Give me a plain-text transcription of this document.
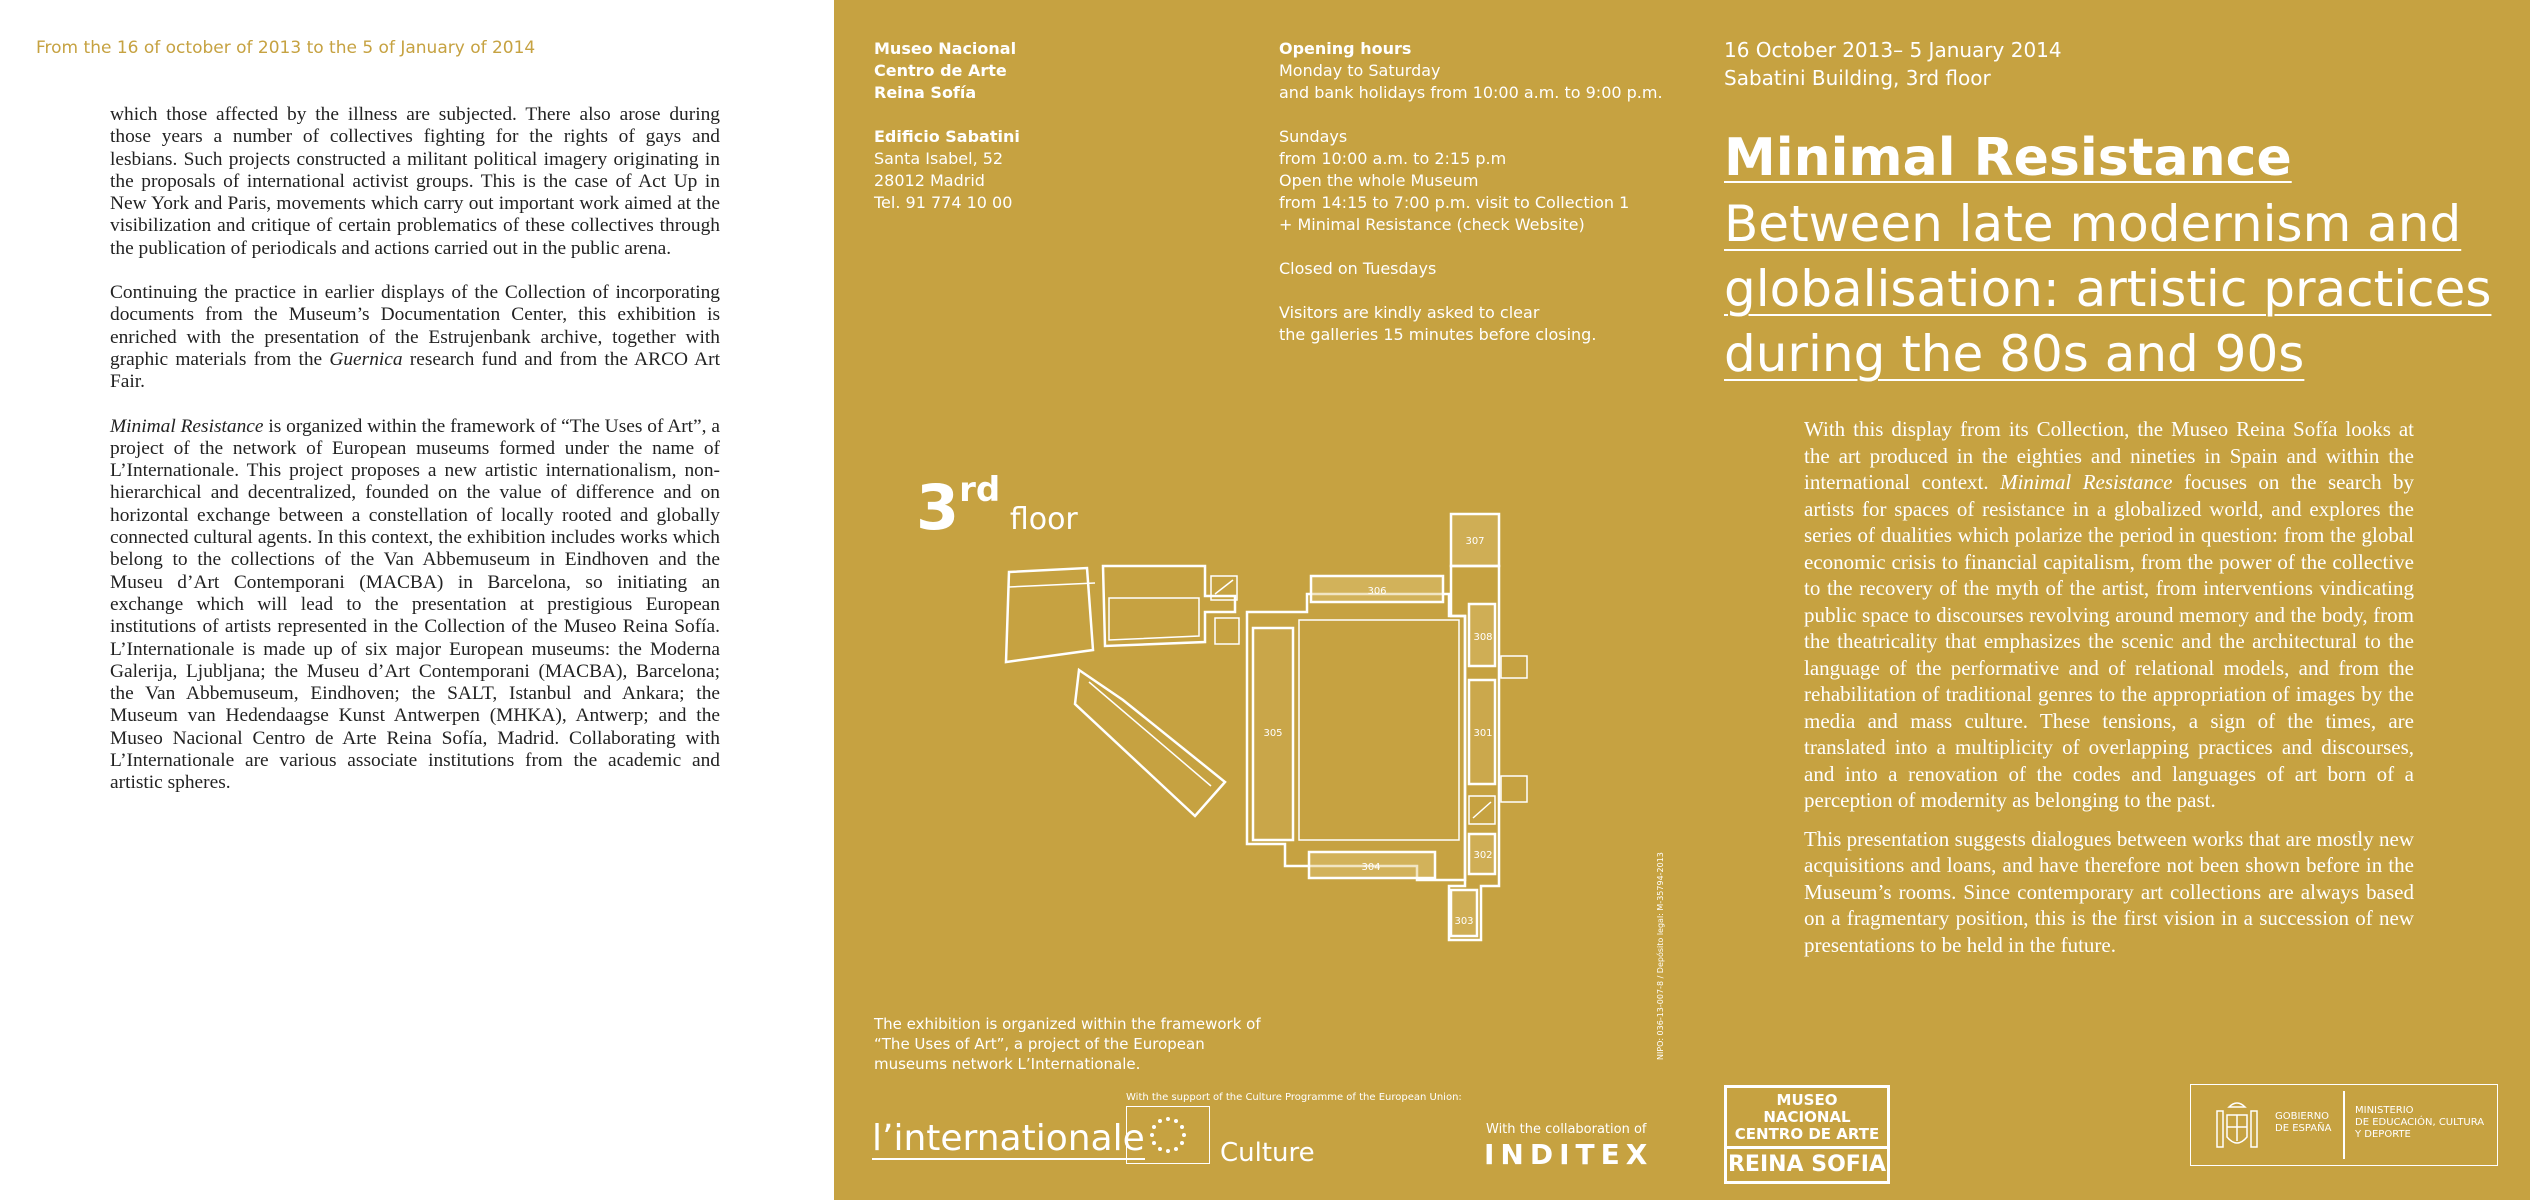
From the 16 of october of 2013 to the 5 of January of 2014

which those affected by the illness are subjected. There also arose during those years a number of collectives fighting for the rights of gays and lesbians. Such projects constructed a militant political imagery originating in the proposals of international activist groups. This is the case of Act Up in New York and Paris, movements which carry out important work aimed at the visibilization and critique of certain problematics of these collectives through the publication of periodicals and actions carried out in the public arena.

Continuing the practice in earlier displays of the Collection of incorporating documents from the Museum’s Documentation Center, this exhibition is enriched with the presentation of the Estrujenbank archive, together with graphic materials from the Guernica research fund and from the ARCO Art Fair.

Minimal Resistance is organized within the framework of “The Uses of Art”, a project of the network of European museums formed under the name of L’Internationale. This project proposes a new artistic internationalism, non-hierarchical and decentralized, founded on the value of difference and on horizontal exchange between a constellation of locally rooted and globally connected cultural agents. In this context, the exhibition includes works which belong to the collections of the Van Abbemuseum in Eindhoven and the Museu d’Art Contemporani (MACBA) in Barcelona, so initiating an exchange which will lead to the presentation at prestigious European institutions of artists represented in the Collection of the Museo Reina Sofía. L’Internationale is made up of six major European museums: the Moderna Galerija, Ljubljana; the Museu d’Art Contemporani (MACBA), Barcelona; the Van Abbemuseum, Eindhoven; the SALT, Istanbul and Ankara; the Museum van Hedendaagse Kunst Antwerpen (MHKA), Antwerp; and the Museo Nacional Centro de Arte Reina Sofía, Madrid. Collaborating with L’Internationale are various associate institutions from the academic and artistic spheres.

Museo Nacional
Centro de Arte
Reina Sofía
Edificio Sabatini
Santa Isabel, 52
28012 Madrid
Tel. 91 774 10 00
Opening hours
Monday to Saturday
and bank holidays from 10:00 a.m. to 9:00 p.m.
Sundays
from 10:00 a.m. to 2:15 p.m
Open the whole Museum
from 14:15 to 7:00 p.m. visit to Collection 1
+ Minimal Resistance (check Website)
Closed on Tuesdays
Visitors are kindly asked to clear
the galleries 15 minutes before closing.
16 October 2013– 5 January 2014
Sabatini Building, 3rd floor
Minimal Resistance
Between late modernism and
globalisation: artistic practices
during the 80s and 90s

With this display from its Collection, the Museo Reina Sofía looks at the art produced in the eighties and nineties in Spain and within the international context. Minimal Resistance focuses on the search by artists for spaces of resistance in a globalized world, and explores the series of dualities which polarize the period in question: from the global economic crisis to financial capitalism, from the power of the collective to the recovery of the myth of the artist, from interventions vindicating public space to discourses revolving around memory and the body, from the theatricality that emphasizes the scenic and the architectural to the language of the performative and of relational models, and from the rehabilitation of traditional genres to the appropriation of images by the media and mass culture. These tensions, a sign of the times, are translated into a multiplicity of overlapping practices and discourses, and into a renovation of the codes and languages of art born of a perception of modernity as belonging to the past.

This presentation suggests dialogues between works that are mostly new acquisitions and loans, and have therefore not been shown before in the Museum’s rooms. Since contemporary art collections are always based on a fragmentary position, this is the first vision in a succession of new presentations to be held in the future.

3rd floor
307
306
308
305	301
302
304
303
The exhibition is organized within the framework of “The Uses of Art”, a project of the European museums network L’Internationale.
l’internationale
With the support of the Culture Programme of the European Union:
Culture
With the collaboration of
INDITEX
NIPO: 036-13-007-8 / Depósito legal: M-35794-2013
MUSEO NACIONAL
CENTRO DE ARTE
REINA SOFIA
GOBIERNO
DE ESPAÑA
MINISTERIO
DE EDUCACIÓN, CULTURA
Y DEPORTE
